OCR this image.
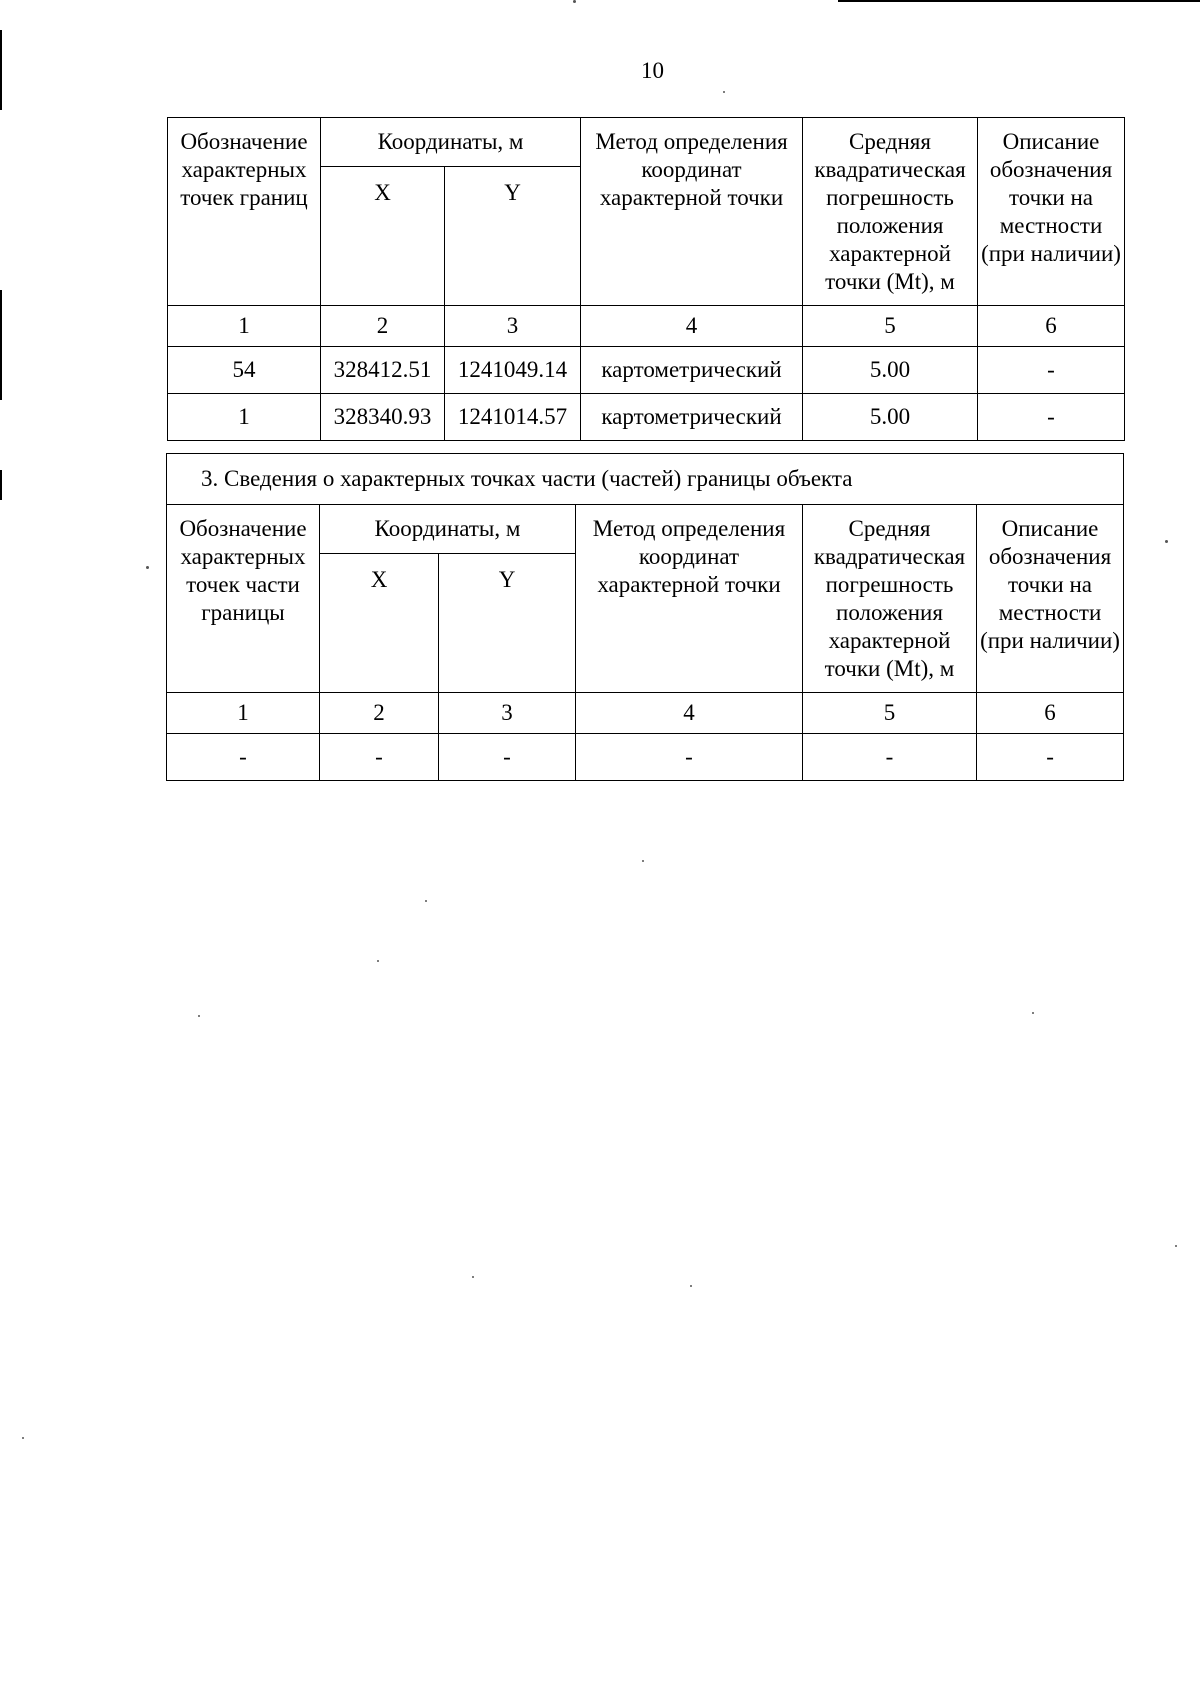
10
Обозначение характерных точек границ	Координаты, м		Метод определения координат характерной точки	Средняя квадратическая погрешность положения характерной точки (Mt), м	Описание обозначения точки на местности (при наличии)
	X	Y			
1	2	3	4	5	6
54	328412.51	1241049.14	картометрический	5.00	-
1	328340.93	1241014.57	картометрический	5.00	-
3. Сведения о характерных точках части (частей) границы объекта					
Обозначение характерных точек части границы	Координаты, м		Метод определения координат характерной точки	Средняя квадратическая погрешность положения характерной точки (Mt), м	Описание обозначения точки на местности (при наличии)
	X	Y			
1	2	3	4	5	6
-	-	-	-	-	-
